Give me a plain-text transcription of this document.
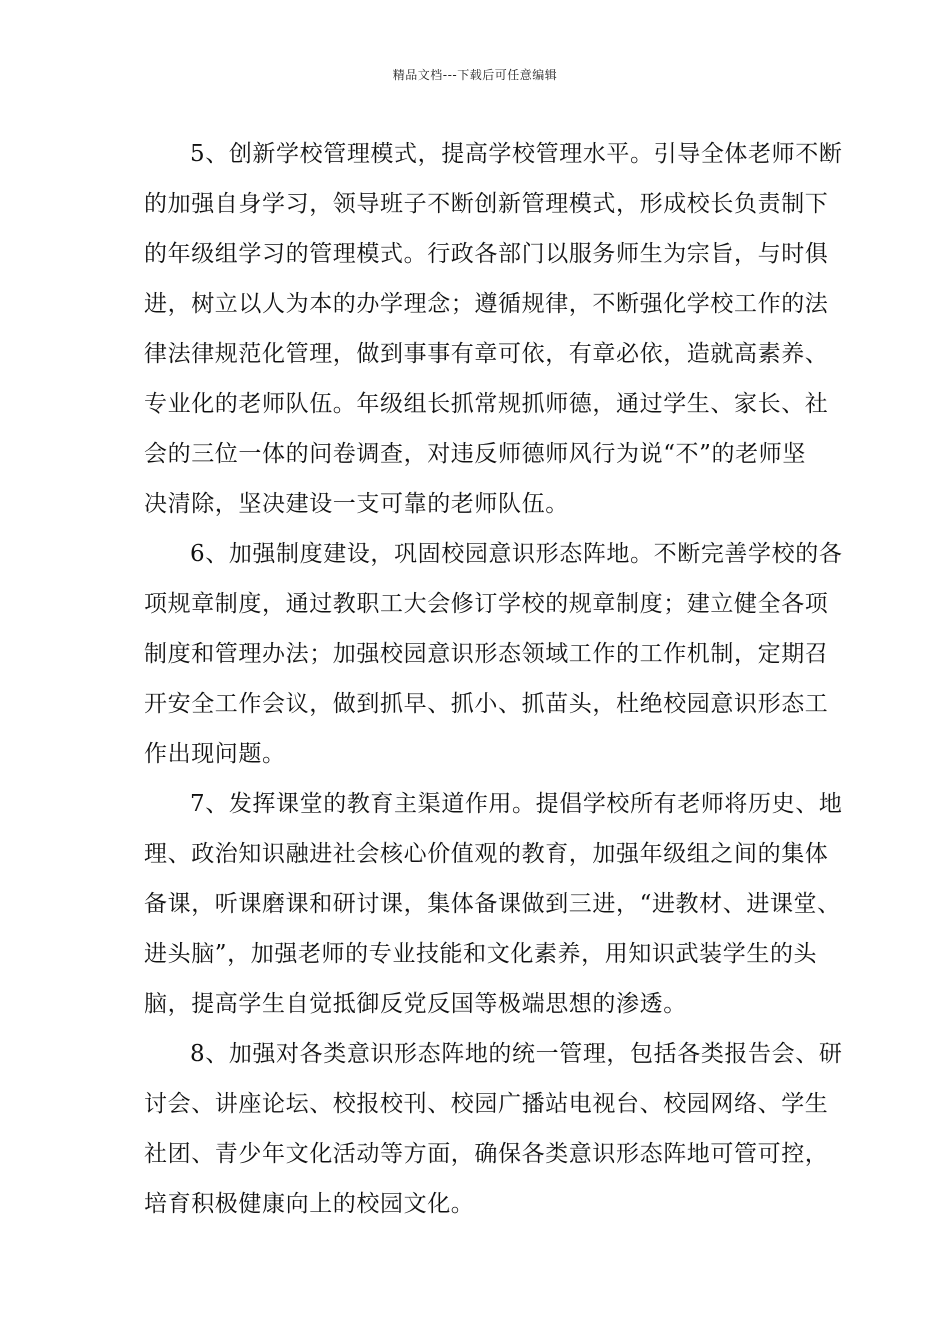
精品文档---下载后可任意编辑
5、创新学校管理模式，提高学校管理水平。引导全体老师不断
的加强自身学习，领导班子不断创新管理模式，形成校长负责制下
的年级组学习的管理模式。行政各部门以服务师生为宗旨，与时俱
进，树立以人为本的办学理念；遵循规律，不断强化学校工作的法
律法律规范化管理，做到事事有章可依，有章必依，造就高素养、
专业化的老师队伍。年级组长抓常规抓师德，通过学生、家长、社
会的三位一体的问卷调查，对违反师德师风行为说“不”的老师坚
决清除，坚决建设一支可靠的老师队伍。
6、加强制度建设，巩固校园意识形态阵地。不断完善学校的各
项规章制度，通过教职工大会修订学校的规章制度；建立健全各项
制度和管理办法；加强校园意识形态领域工作的工作机制，定期召
开安全工作会议，做到抓早、抓小、抓苗头，杜绝校园意识形态工
作出现问题。
7、发挥课堂的教育主渠道作用。提倡学校所有老师将历史、地
理、政治知识融进社会核心价值观的教育，加强年级组之间的集体
备课，听课磨课和研讨课，集体备课做到三进，“进教材、进课堂、
进头脑”，加强老师的专业技能和文化素养，用知识武装学生的头
脑，提高学生自觉抵御反党反国等极端思想的渗透。
8、加强对各类意识形态阵地的统一管理，包括各类报告会、研
讨会、讲座论坛、校报校刊、校园广播站电视台、校园网络、学生
社团、青少年文化活动等方面，确保各类意识形态阵地可管可控，
培育积极健康向上的校园文化。
